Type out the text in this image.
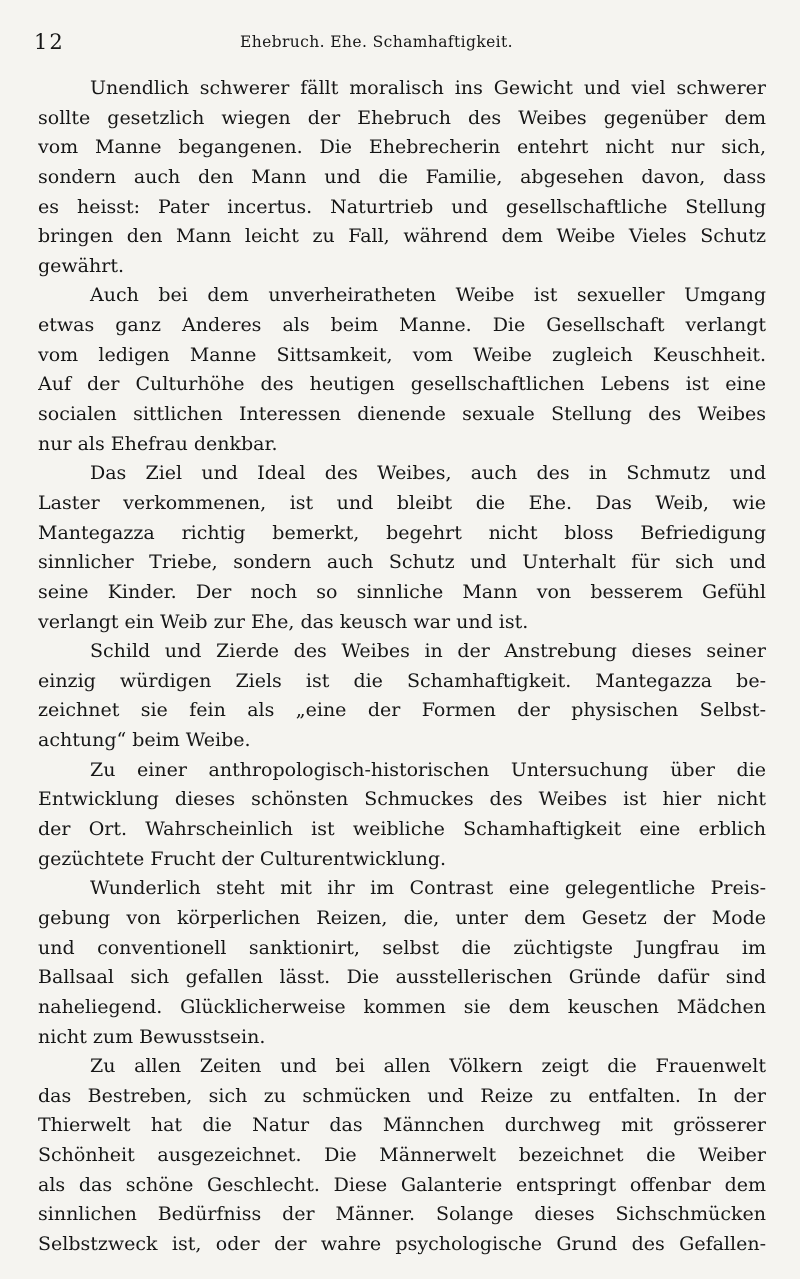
12	Ehebruch. Ehe. Schamhaftigkeit.
Unendlich schwerer fällt moralisch ins Gewicht und viel schwerer
sollte gesetzlich wiegen der Ehebruch des Weibes gegenüber dem
vom Manne begangenen. Die Ehebrecherin entehrt nicht nur sich,
sondern auch den Mann und die Familie, abgesehen davon, dass
es heisst: Pater incertus. Naturtrieb und gesellschaftliche Stellung
bringen den Mann leicht zu Fall, während dem Weibe Vieles Schutz
gewährt.
Auch bei dem unverheiratheten Weibe ist sexueller Umgang
etwas ganz Anderes als beim Manne. Die Gesellschaft verlangt
vom ledigen Manne Sittsamkeit, vom Weibe zugleich Keuschheit.
Auf der Culturhöhe des heutigen gesellschaftlichen Lebens ist eine
socialen sittlichen Interessen dienende sexuale Stellung des Weibes
nur als Ehefrau denkbar.
Das Ziel und Ideal des Weibes, auch des in Schmutz und
Laster verkommenen, ist und bleibt die Ehe. Das Weib, wie
Mantegazza richtig bemerkt, begehrt nicht bloss Befriedigung
sinnlicher Triebe, sondern auch Schutz und Unterhalt für sich und
seine Kinder. Der noch so sinnliche Mann von besserem Gefühl
verlangt ein Weib zur Ehe, das keusch war und ist.
Schild und Zierde des Weibes in der Anstrebung dieses seiner
einzig würdigen Ziels ist die Schamhaftigkeit. Mantegazza be-
zeichnet sie fein als „eine der Formen der physischen Selbst-
achtung“ beim Weibe.
Zu einer anthropologisch-historischen Untersuchung über die
Entwicklung dieses schönsten Schmuckes des Weibes ist hier nicht
der Ort. Wahrscheinlich ist weibliche Schamhaftigkeit eine erblich
gezüchtete Frucht der Culturentwicklung.
Wunderlich steht mit ihr im Contrast eine gelegentliche Preis-
gebung von körperlichen Reizen, die, unter dem Gesetz der Mode
und conventionell sanktionirt, selbst die züchtigste Jungfrau im
Ballsaal sich gefallen lässt. Die ausstellerischen Gründe dafür sind
naheliegend. Glücklicherweise kommen sie dem keuschen Mädchen
nicht zum Bewusstsein.
Zu allen Zeiten und bei allen Völkern zeigt die Frauenwelt
das Bestreben, sich zu schmücken und Reize zu entfalten. In der
Thierwelt hat die Natur das Männchen durchweg mit grösserer
Schönheit ausgezeichnet. Die Männerwelt bezeichnet die Weiber
als das schöne Geschlecht. Diese Galanterie entspringt offenbar dem
sinnlichen Bedürfniss der Männer. Solange dieses Sichschmücken
Selbstzweck ist, oder der wahre psychologische Grund des Gefallen-
